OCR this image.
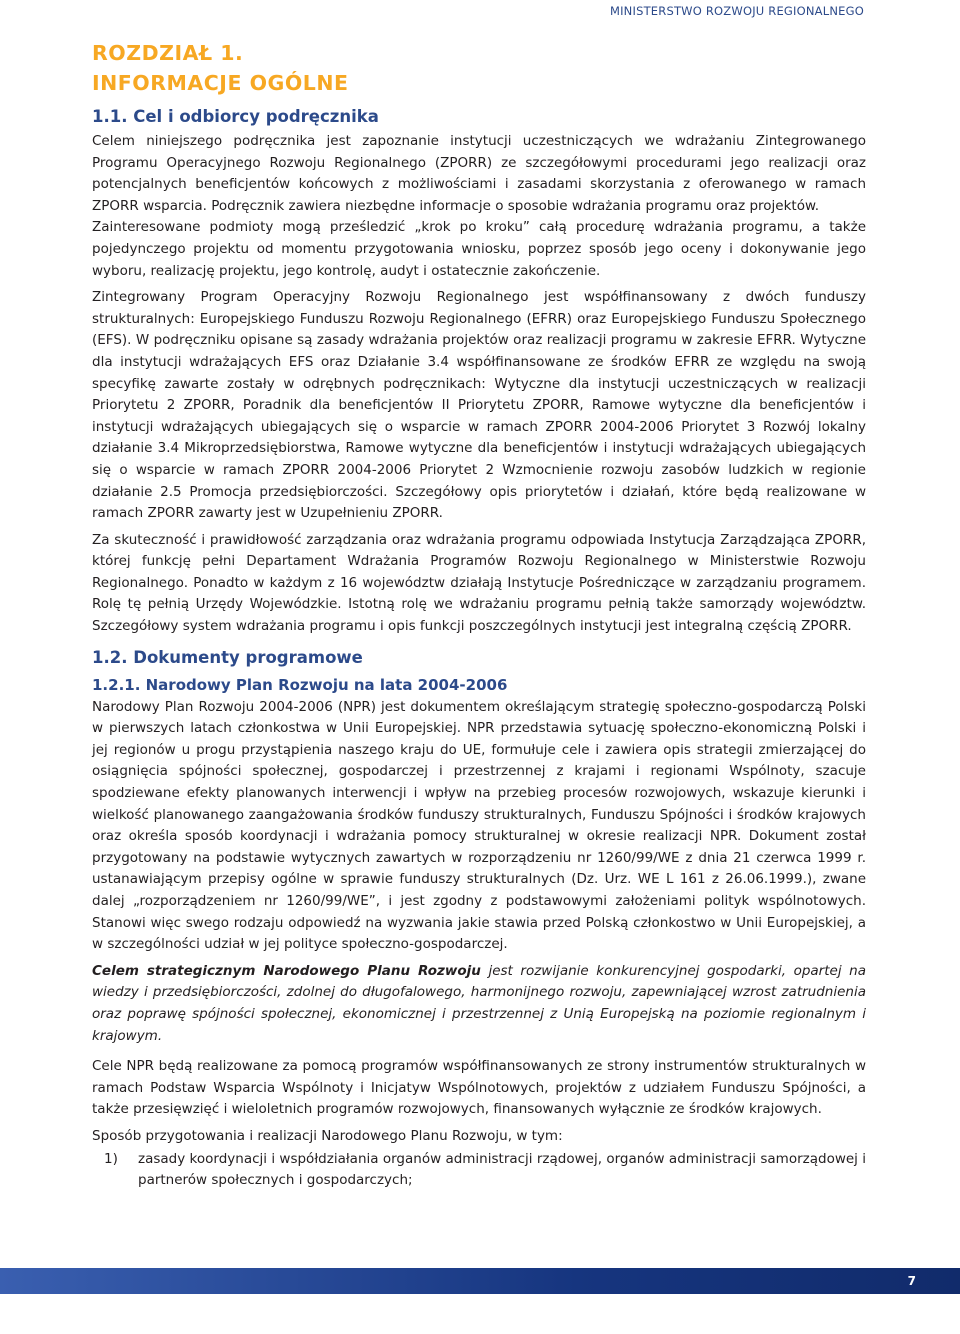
MINISTERSTWO ROZWOJU REGIONALNEGO
ROZDZIAŁ 1.
INFORMACJE OGÓLNE
1.1. Cel i odbiorcy podręcznika

Celem niniejszego podręcznika jest zapoznanie instytucji uczestniczących we wdrażaniu Zintegrowanego Programu Operacyjnego Rozwoju Regionalnego (ZPORR) ze szczegółowymi procedurami jego realizacji oraz potencjalnych beneficjentów końcowych z możliwościami i zasadami skorzystania z oferowanego w ramach ZPORR wsparcia. Podręcznik zawiera niezbędne informacje o sposobie wdrażania programu oraz projektów.

Zainteresowane podmioty mogą prześledzić „krok po kroku” całą procedurę wdrażania programu, a także pojedynczego projektu od momentu przygotowania wniosku, poprzez sposób jego oceny i dokonywanie jego wyboru, realizację projektu, jego kontrolę, audyt i ostatecznie zakończenie.

Zintegrowany Program Operacyjny Rozwoju Regionalnego jest współfinansowany z dwóch funduszy strukturalnych: Europejskiego Funduszu Rozwoju Regionalnego (EFRR) oraz Europejskiego Funduszu Społecznego (EFS). W podręczniku opisane są zasady wdrażania projektów oraz realizacji programu w zakresie EFRR. Wytyczne dla instytucji wdrażających EFS oraz Działanie 3.4 współfinansowane ze środków EFRR ze względu na swoją specyfikę zawarte zostały w odrębnych podręcznikach: Wytyczne dla instytucji uczestniczących w realizacji Priorytetu 2 ZPORR, Poradnik dla beneficjentów II Priorytetu ZPORR, Ramowe wytyczne dla beneficjentów i instytucji wdrażających ubiegających się o wsparcie w ramach ZPORR 2004-2006 Priorytet 3 Rozwój lokalny działanie 3.4 Mikroprzedsiębiorstwa, Ramowe wytyczne dla beneficjentów i instytucji wdrażających ubiegających się o wsparcie w ramach ZPORR 2004-2006 Priorytet 2 Wzmocnienie rozwoju zasobów ludzkich w regionie działanie 2.5 Promocja przedsiębiorczości. Szczegółowy opis priorytetów i działań, które będą realizowane w ramach ZPORR zawarty jest w Uzupełnieniu ZPORR.

Za skuteczność i prawidłowość zarządzania oraz wdrażania programu odpowiada Instytucja Zarządzająca ZPORR, której funkcję pełni Departament Wdrażania Programów Rozwoju Regionalnego w Ministerstwie Rozwoju Regionalnego. Ponadto w każdym z 16 województw działają Instytucje Pośredniczące w zarządzaniu programem. Rolę tę pełnią Urzędy Wojewódzkie. Istotną rolę we wdrażaniu programu pełnią także samorządy województw. Szczegółowy system wdrażania programu i opis funkcji poszczególnych instytucji jest integralną częścią ZPORR.

1.2. Dokumenty programowe
1.2.1. Narodowy Plan Rozwoju na lata 2004-2006

Narodowy Plan Rozwoju 2004-2006 (NPR) jest dokumentem określającym strategię społeczno-gospodarczą Polski w pierwszych latach członkostwa w Unii Europejskiej. NPR przedstawia sytuację społeczno-ekonomiczną Polski i jej regionów u progu przystąpienia naszego kraju do UE, formułuje cele i zawiera opis strategii zmierzającej do osiągnięcia spójności społecznej, gospodarczej i przestrzennej z krajami i regionami Wspólnoty, szacuje spodziewane efekty planowanych interwencji i wpływ na przebieg procesów rozwojowych, wskazuje kierunki i wielkość planowanego zaangażowania środków funduszy strukturalnych, Funduszu Spójności i środków krajowych oraz określa sposób koordynacji i wdrażania pomocy strukturalnej w okresie realizacji NPR. Dokument został przygotowany na podstawie wytycznych zawartych w rozporządzeniu nr 1260/99/WE z dnia 21 czerwca 1999 r. ustanawiającym przepisy ogólne w sprawie funduszy strukturalnych (Dz. Urz. WE L 161 z 26.06.1999.), zwane dalej „rozporządzeniem nr 1260/99/WE”, i jest zgodny z podstawowymi założeniami polityk wspólnotowych. Stanowi więc swego rodzaju odpowiedź na wyzwania jakie stawia przed Polską członkostwo w Unii Europejskiej, a w szczególności udział w jej polityce społeczno-gospodarczej.

Celem strategicznym Narodowego Planu Rozwoju jest rozwijanie konkurencyjnej gospodarki, opartej na wiedzy i przedsiębiorczości, zdolnej do długofalowego, harmonijnego rozwoju, zapewniającej wzrost zatrudnienia oraz poprawę spójności społecznej, ekonomicznej i przestrzennej z Unią Europejską na poziomie regionalnym i krajowym.

Cele NPR będą realizowane za pomocą programów współfinansowanych ze strony instrumentów strukturalnych w ramach Podstaw Wsparcia Wspólnoty i Inicjatyw Wspólnotowych, projektów z udziałem Funduszu Spójności, a także przesięwzięć i wieloletnich programów rozwojowych, finansowanych wyłącznie ze środków krajowych.

Sposób przygotowania i realizacji Narodowego Planu Rozwoju, w tym:

1)	zasady koordynacji i współdziałania organów administracji rządowej, organów administracji samorządowej i partnerów społecznych i gospodarczych;
7
